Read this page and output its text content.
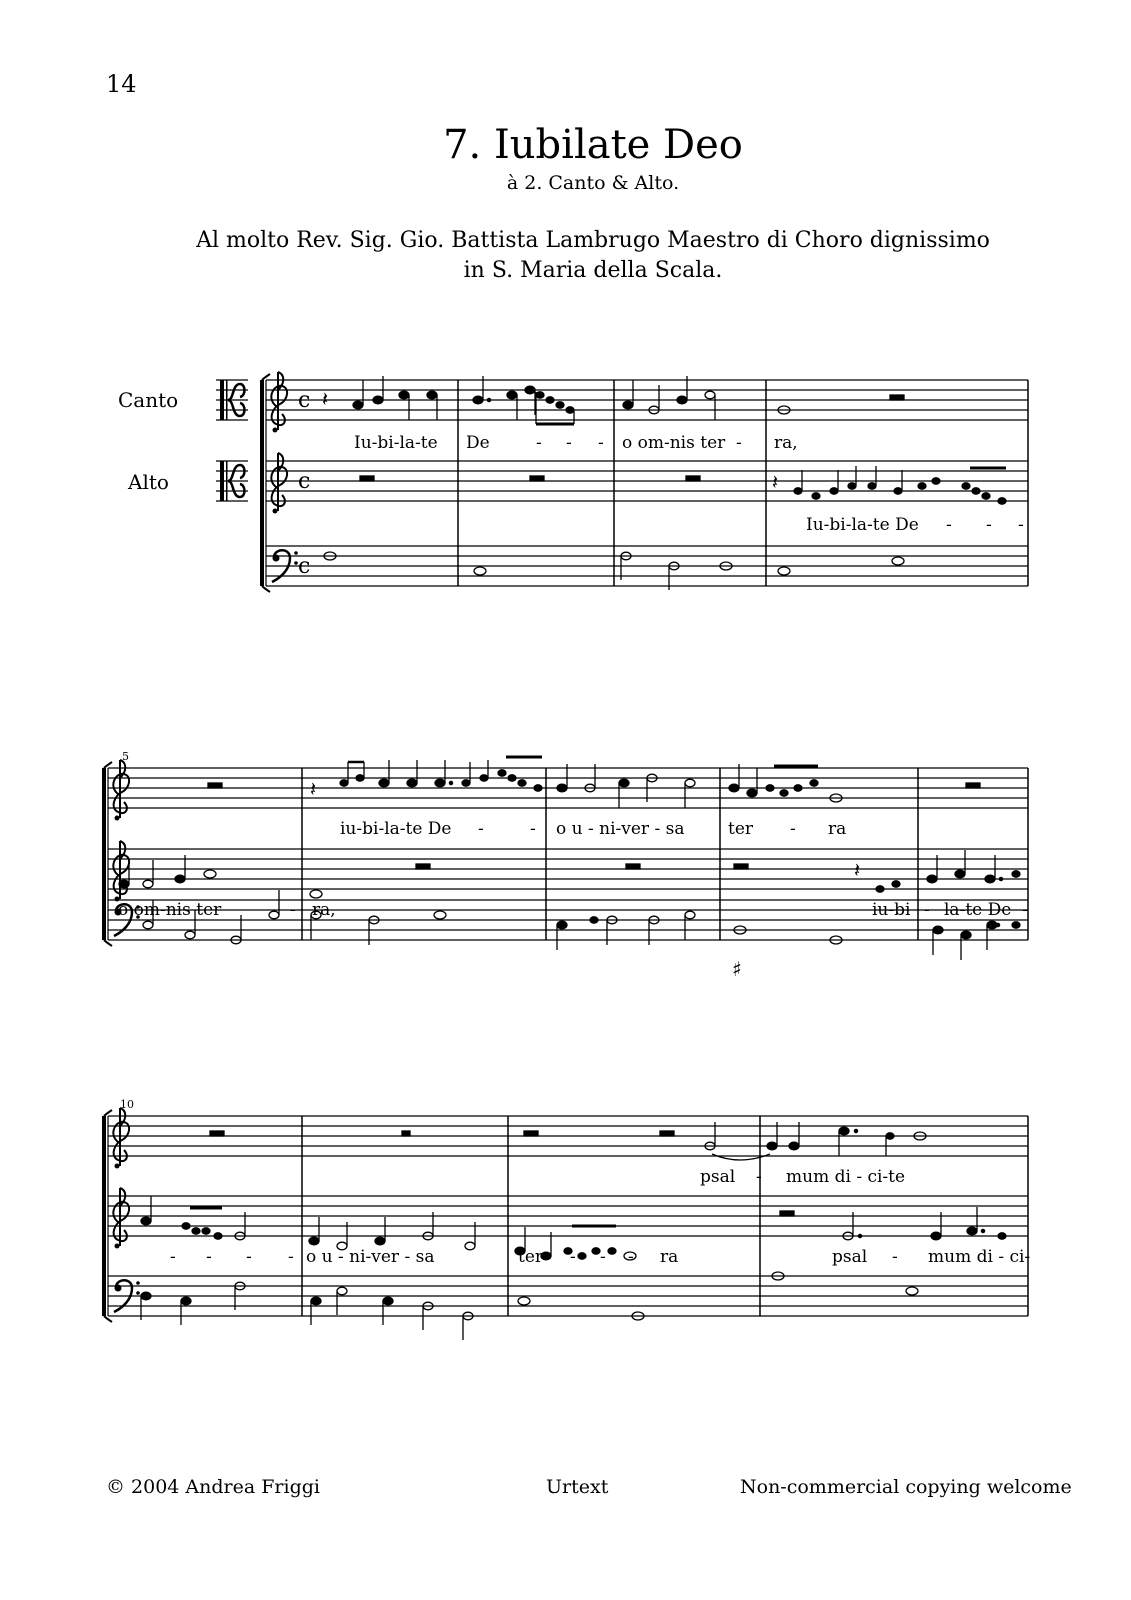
14
7. Iubilate Deo
à 2. Canto & Alto.
Al molto Rev. Sig. Gio. Battista Lambrugo Maestro di Choro dignissimo
in S. Maria della Scala.
Canto
Alto
c
c
c
𝄽
𝄽
Iu-bi-la-te De	- - - o om-nis ter - ra,
Iu-bi-la-te De - - -
5
𝄽
𝄽
♯
iu-bi-la-te De -	- o u - ni-ver - sa	ter - ra
o om-nis ter	- ra,	iu-bi - la-te De -
10
psal - mum di - ci-te
- - - - o u - ni-ver - sa	ter - - - ra	psal - mum di - ci-
© 2004 Andrea Friggi	Urtext	Non-commercial copying welcome
